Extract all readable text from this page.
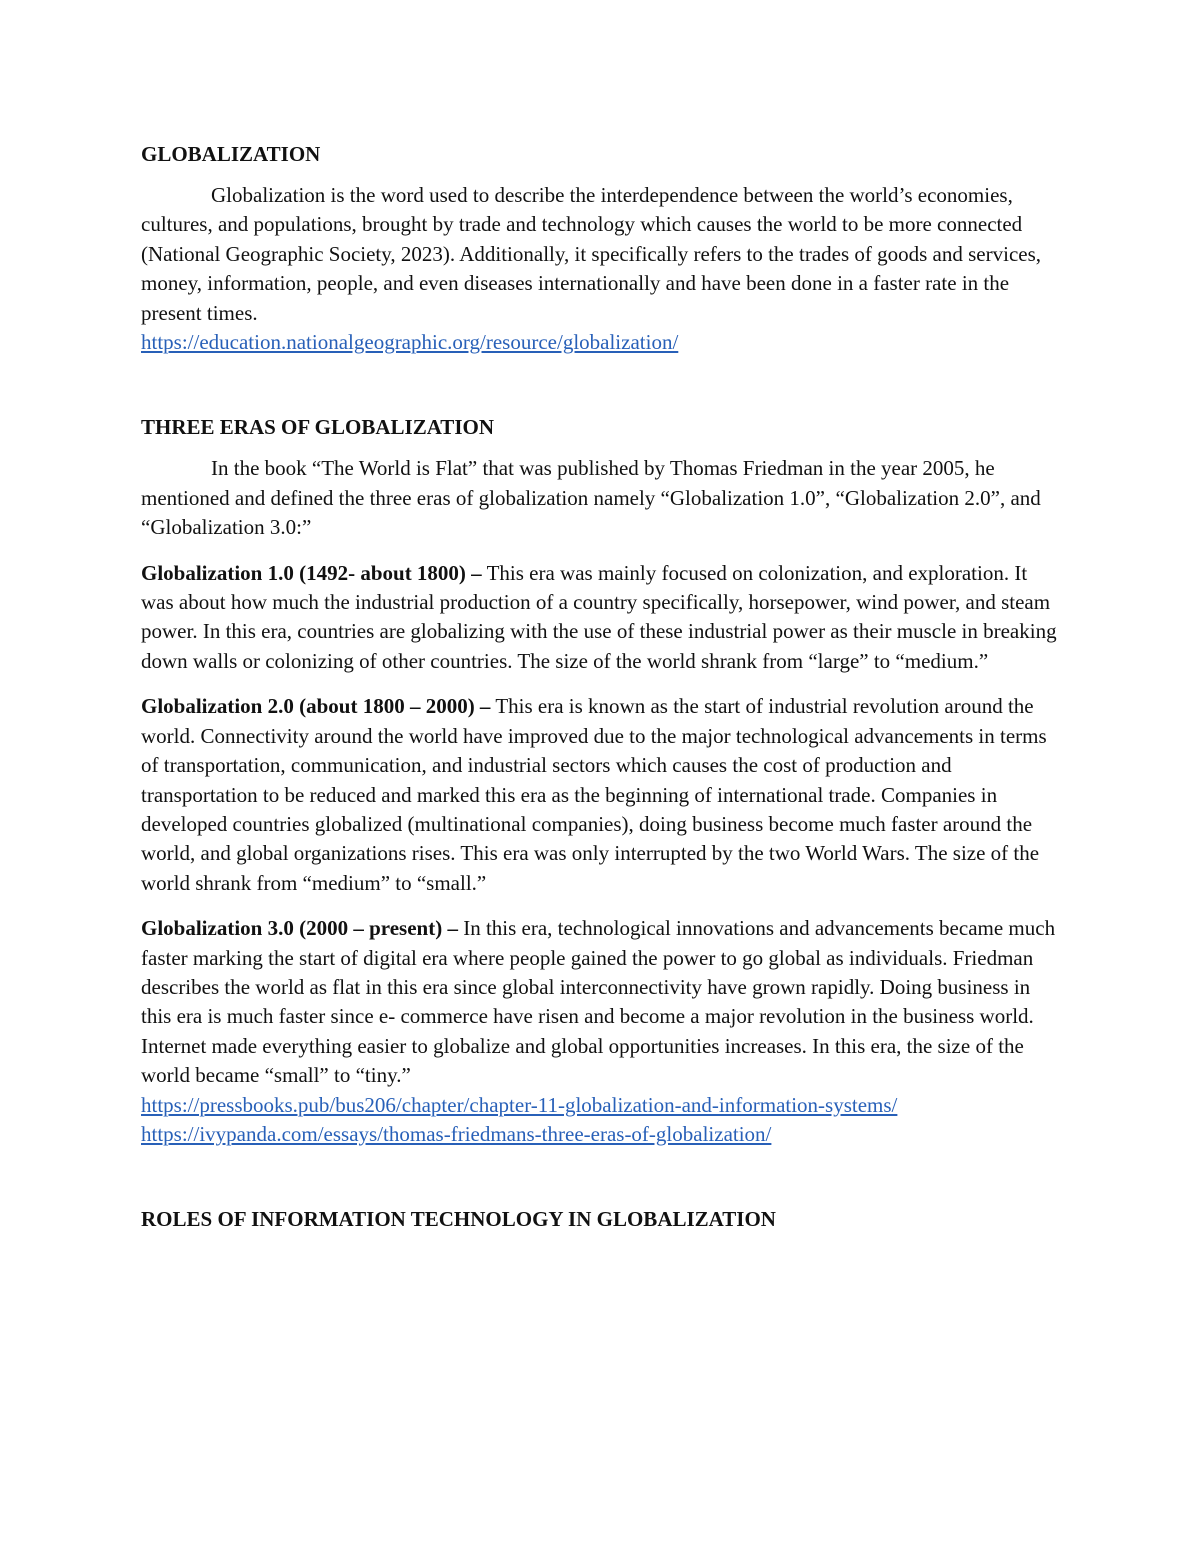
GLOBALIZATION

Globalization is the word used to describe the interdependence between the world’s economies, cultures, and populations, brought by trade and technology which causes the world to be more connected (National Geographic Society, 2023). Additionally, it specifically refers to the trades of goods and services, money, information, people, and even diseases internationally and have been done in a faster rate in the present times.

https://education.nationalgeographic.org/resource/globalization/

THREE ERAS OF GLOBALIZATION

In the book “The World is Flat” that was published by Thomas Friedman in the year 2005, he mentioned and defined the three eras of globalization namely “Globalization 1.0”, “Globalization 2.0”, and “Globalization 3.0:”

Globalization 1.0 (1492- about 1800) – This era was mainly focused on colonization, and exploration. It was about how much the industrial production of a country specifically, horsepower, wind power, and steam power. In this era, countries are globalizing with the use of these industrial power as their muscle in breaking down walls or colonizing of other countries. The size of the world shrank from “large” to “medium.”

Globalization 2.0 (about 1800 – 2000) – This era is known as the start of industrial revolution around the world. Connectivity around the world have improved due to the major technological advancements in terms of transportation, communication, and industrial sectors which causes the cost of production and transportation to be reduced and marked this era as the beginning of international trade. Companies in developed countries globalized (multinational companies), doing business become much faster around the world, and global organizations rises. This era was only interrupted by the two World Wars. The size of the world shrank from “medium” to “small.”

Globalization 3.0 (2000 – present) – In this era, technological innovations and advancements became much faster marking the start of digital era where people gained the power to go global as individuals. Friedman describes the world as flat in this era since global interconnectivity have grown rapidly. Doing business in this era is much faster since e- commerce have risen and become a major revolution in the business world. Internet made everything easier to globalize and global opportunities increases. In this era, the size of the world became “small” to “tiny.”

https://pressbooks.pub/bus206/chapter/chapter-11-globalization-and-information-systems/
https://ivypanda.com/essays/thomas-friedmans-three-eras-of-globalization/

ROLES OF INFORMATION TECHNOLOGY IN GLOBALIZATION
